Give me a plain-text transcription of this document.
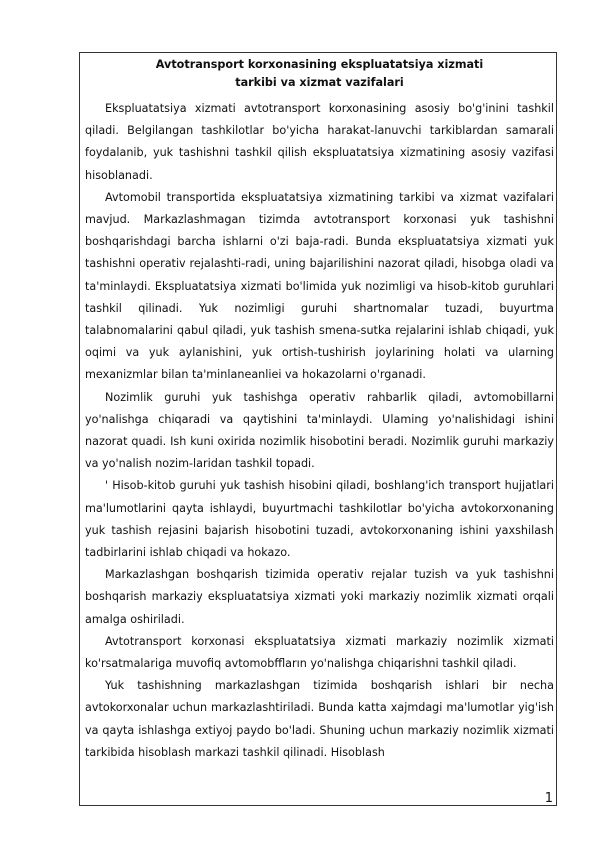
Avtotransport korxonasining ekspluatatsiya xizmati
tarkibi va xizmat vazifalari

Ekspluatatsiya xizmati avtotransport korxonasining asosiy bo'g'inini tashkil qiladi. Belgilangan tashkilotlar bo'yicha harakat-lanuvchi tarkiblardan samarali foydalanib, yuk tashishni tashkil qilish ekspluatatsiya xizmatining asosiy vazifasi hisoblanadi.

Avtomobil transportida ekspluatatsiya xizmatining tarkibi va xizmat vazifalari mavjud. Markazlashmagan tizimda avtotransport korxonasi yuk tashishni boshqarishdagi barcha ishlarni o'zi baja-radi. Bunda ekspluatatsiya xizmati yuk tashishni operativ rejalashti-radi, uning bajarilishini nazorat qiladi, hisobga oladi va ta'minlaydi. Ekspluatatsiya xizmati bo'limida yuk nozimligi va hisob-kitob guruhlari tashkil qilinadi. Yuk nozimligi guruhi shartnomalar tuzadi, buyurtma talabnomalarini qabul qiladi, yuk tashish smena-sutka rejalarini ishlab chiqadi, yuk oqimi va yuk aylanishini, yuk ortish-tushirish joylarining holati va ularning mexanizmlar bilan ta'minlaneanliei va hokazolarni o'rganadi.

Nozimlik guruhi yuk tashishga operativ rahbarlik qiladi, avtomobillarni yo'nalishga chiqaradi va qaytishini ta'minlaydi. Ulaming yo'nalishidagi ishini nazorat quadi. Ish kuni oxirida nozimlik hisobotini beradi. Nozimlik guruhi markaziy va yo'nalish nozim-laridan tashkil topadi.

' Hisob-kitob guruhi yuk tashish hisobini qiladi, boshlang'ich transport hujjatlari ma'lumotlarini qayta ishlaydi, buyurtmachi tashkilotlar bo'yicha avtokorxonaning yuk tashish rejasini bajarish hisobotini tuzadi, avtokorxonaning ishini yaxshilash tadbirlarini ishlab chiqadi va hokazo.

Markazlashgan boshqarish tizimida operativ rejalar tuzish va yuk tashishni boshqarish markaziy ekspluatatsiya xizmati yoki markaziy nozimlik xizmati orqali amalga oshiriladi.

Avtotransport korxonasi ekspluatatsiya xizmati markaziy nozimlik xizmati ko'rsatmalariga muvofiq avtomobffların yo'nalishga chiqarishni tashkil qiladi.

Yuk tashishning markazlashgan tizimida boshqarish ishlari bir necha avtokorxonalar uchun markazlashtiriladi. Bunda katta xajmdagi ma'lumotlar yig'ish va qayta ishlashga extiyoj paydo bo'ladi. Shuning uchun markaziy nozimlik xizmati tarkibida hisoblash markazi tashkil qilinadi. Hisoblash

1
